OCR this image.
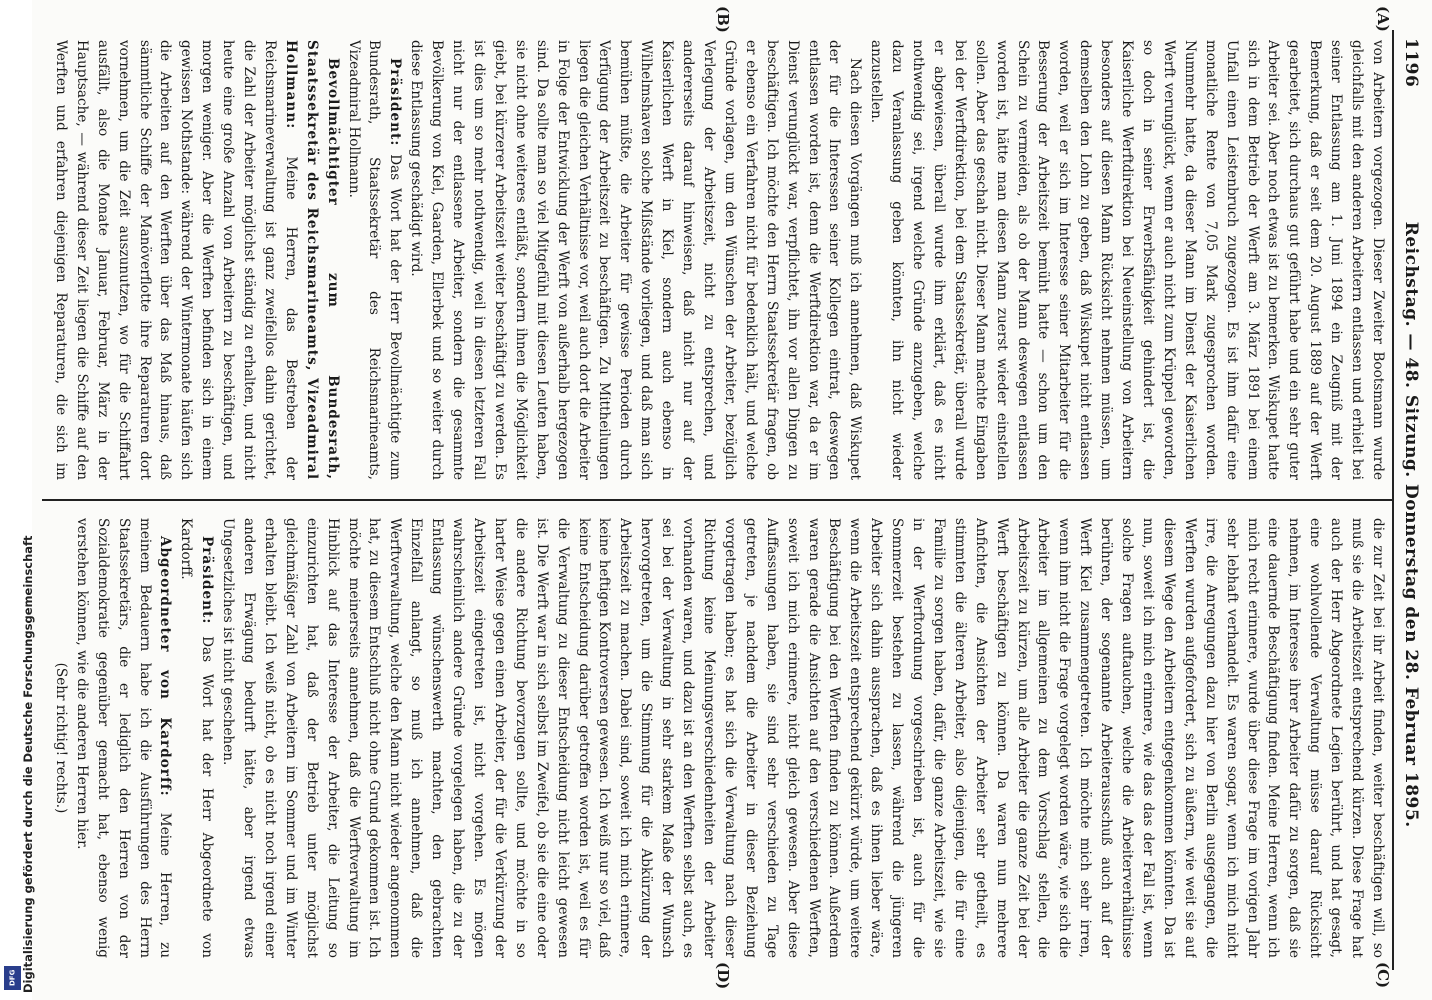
1196
Reichstag. — 48. Sitzung. Donnerstag den 28. Februar 1895.
(A)
(B)
(C)
(D)

von Arbeitern vorgezogen. Dieser Zweiter Bootsmann wurde gleichfalls mit den anderen Arbeitern entlassen und erhielt bei seiner Entlassung am 1. Juni 1894 ein Zeugniß mit der Bemerkung, daß er seit dem 20. August 1889 auf der Werft gearbeitet, sich durchaus gut geführt habe und ein sehr guter Arbeiter sei. Aber noch etwas ist zu bemerken. Wiskupet hatte sich in dem Betrieb der Werft am 3. März 1891 bei einem Unfall einen Leistenbruch zugezogen. Es ist ihm dafür eine monatliche Rente von 7,05 Mark zugesprochen worden. Nummehr hatte, da dieser Mann im Dienst der Kaiserlichen Werft verunglückt, wenn er auch nicht zum Krüppel geworden, so doch in seiner Erwerbsfähigkeit gehindert ist, die Kaiserliche Werftdirektion bei Neueinstellung von Arbeitern besonders auf diesen Mann Rücksicht nehmen müssen, um demselben den Lohn zu geben, daß Wiskupet nicht entlassen worden, weil er sich im Interesse seiner Mitarbeiter für die Besserung der Arbeitszeit bemüht hatte — schon um den Schein zu vermeiden, als ob der Mann deswegen entlassen worden ist, hätte man diesen Mann zuerst wieder einstellen sollen. Aber das geschah nicht. Dieser Mann machte Eingaben bei der Werftdirektion, bei dem Staatssekretär, überall wurde er abgewiesen, überall wurde ihm erklärt, daß es nicht nothwendig sei, irgend welche Gründe anzugeben, welche dazu Veranlassung geben könnten, ihn nicht wieder anzustellen.

Nach diesen Vorgängen muß ich annehmen, daß Wiskupet der für die Interessen seiner Kollegen eintrat, deswegen entlassen worden ist, denn die Werftdirektion war, da er im Dienst verunglückt war, verpflichtet, ihn vor allen Dingen zu beschäftigen. Ich möchte den Herrn Staatssekretär fragen, ob er ebenso ein Verfahren nicht für bedenklich hält, und welche Gründe vorlagen, um den Wünschen der Arbeiter, bezüglich Verlegung der Arbeitszeit, nicht zu entsprechen, und andererseits darauf hinweisen, daß nicht nur auf der Kaiserlichen Werft in Kiel, sondern auch ebenso in Wilhelmshaven solche Mißstände vorliegen, und daß man sich bemühen müßte, die Arbeiter für gewisse Perioden durch Verfügung der Arbeitszeit zu beschäftigen. Zu Mittheilungen liegen die gleichen Verhältnisse vor, weil auch dort die Arbeiter in Folge der Entwicklung der Werft von außerhalb hergezogen sind. Da sollte man so viel Mitgefühl mit diesen Leuten haben, sie nicht ohne weiteres entläßt, sondern ihnen die Möglichkeit giebt, bei kürzerer Arbeitszeit weiter beschäftigt zu werden. Es ist dies um so mehr nothwendig, weil in diesen letzteren Fall nicht nur der entlassene Arbeiter, sondern die gesammte Bevölkerung von Kiel, Gaarden, Ellerbek und so weiter durch diese Entlassung geschädigt wird.

Präsident: Das Wort hat der Herr Bevollmächtigte zum Bundesrath, Staatssekretär des Reichsmarineamts, Vizeadmiral Hollmann.

Bevollmächtigter zum Bundesrath, Staatssekretär des Reichsmarineamts, Vizeadmiral Hollmann: Meine Herren, das Bestreben der Reichsmarineverwaltung ist ganz zweifellos dahin gerichtet, die Zahl der Arbeiter möglichst ständig zu erhalten, und nicht heute eine große Anzahl von Arbeitern zu beschäftigen, und morgen weniger. Aber die Werften befinden sich in einem gewissen Nothstande: während der Wintermonate häufen sich die Arbeiten auf den Werften über das Maß hinaus, daß sämmtliche Schiffe der Manöverflotte ihre Reparaturen dort vornehmen, um die Zeit auszunutzen, wo für die Schiffahrt ausfällt, also die Monate Januar, Februar, März in der Hauptsache, — während dieser Zeit liegen die Schiffe auf den Werften und erfahren diejenigen Reparaturen, die sich im

die zur Zeit bei ihr Arbeit finden, weiter beschäftigen will, so muß sie die Arbeitszeit entsprechend kürzen. Diese Frage hat auch der Herr Abgeordnete Legien berührt, und hat gesagt, eine wohlwollende Verwaltung müsse darauf Rücksicht nehmen, im Interesse ihrer Arbeiter dafür zu sorgen, daß sie eine dauernde Beschäftigung finden. Meine Herren, wenn ich mich recht erinnere, wurde über diese Frage im vorigen Jahr sehr lebhaft verhandelt. Es waren sogar, wenn ich mich nicht irre, die Anregungen dazu hier von Berlin ausgegangen, die Werften wurden aufgefordert, sich zu äußern, wie weit sie auf diesem Wege den Arbeitern entgegenkommen könnten. Da ist nun, soweit ich mich erinnere, wie das das der Fall ist, wenn solche Fragen auftauchen, welche die Arbeiterverhältnisse berühren, der sogenannte Arbeiterausschuß auch auf der Werft Kiel zusammengetreten. Ich möchte mich sehr irren, wenn ihm nicht die Frage vorgelegt worden wäre, wie sich die Arbeiter im allgemeinen zu dem Vorschlag stellen, die Arbeitszeit zu kürzen, um alle Arbeiter die ganze Zeit bei der Werft beschäftigen zu können. Da waren nun mehrere Anfichten, die Ansichten der Arbeiter sehr getheilt, es stimmten die älteren Arbeiter, also diejenigen, die für eine Familie zu sorgen haben, dafür, die ganze Arbeitszeit, wie sie in der Werftordnung vorgeschrieben ist, auch für die Sommerzeit bestehen zu lassen, während die jüngeren Arbeiter sich dahin aussprachen, daß es ihnen lieber wäre, wenn die Arbeitszeit entsprechend gekürzt würde, um weitere Beschäftigung bei den Werften finden zu können. Außerdem waren gerade die Ansichten auf den verschiedenen Werften, soweit ich mich erinnere, nicht gleich gewesen. Aber diese Auffassungen haben, sie sind sehr verschieden zu Tage getreten, je nachdem die Arbeiter in dieser Beziehung vorgetragen haben; es hat sich die Verwaltung nach dieser Richtung keine Meinungsverschiedenheiten der Arbeiter vorhanden waren, und dazu ist an den Werften selbst auch, es sei bei der Verwaltung in sehr starkem Maße der Wunsch hervorgetreten, um die Stimmung für die Abkürzung der Arbeitszeit zu machen. Dabei sind, soweit ich mich erinnere, keine heftigen Kontroversen gewesen. Ich weiß nur so viel, daß keine Entscheidung darüber getroffen worden ist, weil es für die Verwaltung zu dieser Entscheidung nicht leicht gewesen ist. Die Werft war in sich selbst im Zweifel, ob sie die eine oder die andere Richtung bevorzugen sollte, und möchte in so harter Weise gegen einen Arbeiter, der für die Verkürzung der Arbeitszeit eingetreten ist, nicht vorgehen. Es mögen wahrscheinlich andere Gründe vorgelegen haben, die zu der Entlassung wünschenswerth machten, den gebrachten Einzelfall anlangt, so muß ich annehmen, daß die Werftverwaltung, welche den Mann nicht wieder angenommen hat, zu diesem Entschluß nicht ohne Grund gekommen ist. Ich möchte meinerseits annehmen, daß die Werftverwaltung im Hinblick auf das Interesse der Arbeiter, die Leitung so einzurichten hat, daß der Betrieb unter möglichst gleichmäßiger Zahl von Arbeitern im Sommer und im Winter erhalten bleibt. Ich weiß nicht, ob es nicht noch irgend einer anderen Erwägung bedurft hätte, aber irgend etwas Ungesetzliches ist nicht geschehen.

Präsident: Das Wort hat der Herr Abgeordnete von Kardorff.

Abgeordneter von Kardorff: Meine Herren, zu meinem Bedauern habe ich die Ausführungen des Herrn Staatssekretärs, die er lediglich den Herren von der Sozialdemokratie gegenüber gemacht hat, ebenso wenig verstehen können, wie die anderen Herren hier.

(Sehr richtig! rechts.)

DFG Digitalisierung gefördert durch die Deutsche Forschungsgemeinschaft
